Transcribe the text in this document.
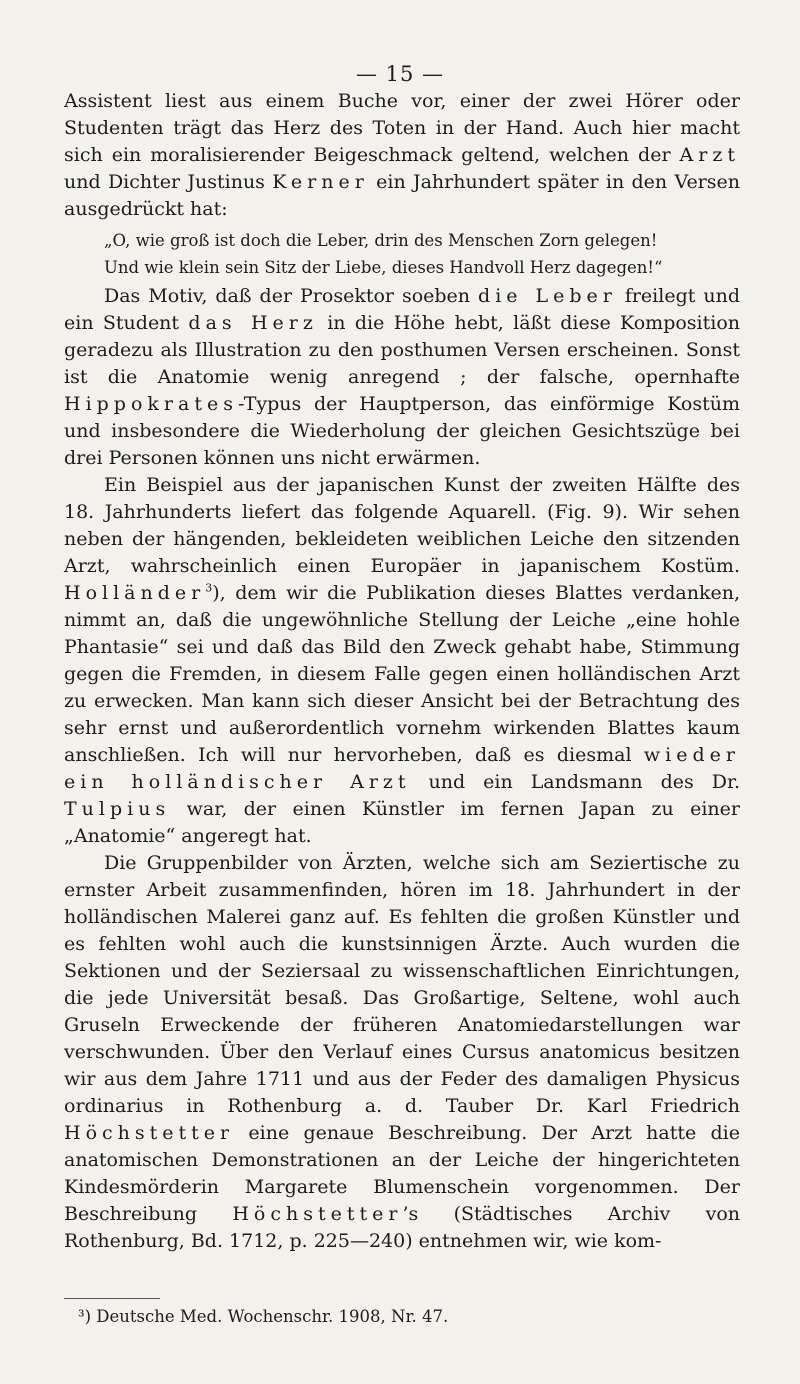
— 15 —

Assistent liest aus einem Buche vor, einer der zwei Hörer oder Studenten trägt das Herz des Toten in der Hand. Auch hier macht sich ein moralisierender Beigeschmack geltend, welchen der Arzt und Dichter Justinus Kerner ein Jahrhundert später in den Versen ausgedrückt hat:

„O, wie groß ist doch die Leber, drin des Menschen Zorn gelegen!

Und wie klein sein Sitz der Liebe, dieses Handvoll Herz dagegen!“

Das Motiv, daß der Prosektor soeben die Leber freilegt und ein Student das Herz in die Höhe hebt, läßt diese Komposition geradezu als Illustration zu den posthumen Versen erscheinen. Sonst ist die Anatomie wenig anregend ; der falsche, opernhafte Hippokrates-Typus der Hauptperson, das einförmige Kostüm und insbesondere die Wiederholung der gleichen Gesichtszüge bei drei Personen können uns nicht erwärmen.

Ein Beispiel aus der japanischen Kunst der zweiten Hälfte des 18. Jahrhunderts liefert das folgende Aquarell. (Fig. 9). Wir sehen neben der hängenden, bekleideten weiblichen Leiche den sitzenden Arzt, wahrscheinlich einen Europäer in japanischem Kostüm. Holländer$^3$), dem wir die Publikation dieses Blattes verdanken, nimmt an, daß die ungewöhnliche Stellung der Leiche „eine hohle Phantasie“ sei und daß das Bild den Zweck gehabt habe, Stimmung gegen die Fremden, in diesem Falle gegen einen holländischen Arzt zu erwecken. Man kann sich dieser Ansicht bei der Betrachtung des sehr ernst und außerordentlich vornehm wirkenden Blattes kaum anschließen. Ich will nur hervorheben, daß es diesmal wieder ein holländischer Arzt und ein Landsmann des Dr. Tulpius war, der einen Künstler im fernen Japan zu einer „Anatomie“ angeregt hat.

Die Gruppenbilder von Ärzten, welche sich am Seziertische zu ernster Arbeit zusammenfinden, hören im 18. Jahrhundert in der holländischen Malerei ganz auf. Es fehlten die großen Künstler und es fehlten wohl auch die kunstsinnigen Ärzte. Auch wurden die Sektionen und der Seziersaal zu wissenschaftlichen Einrichtungen, die jede Universität besaß. Das Großartige, Seltene, wohl auch Gruseln Erweckende der früheren Anatomiedarstellungen war verschwunden. Über den Verlauf eines Cursus anatomicus besitzen wir aus dem Jahre 1711 und aus der Feder des damaligen Physicus ordinarius in Rothenburg a. d. Tauber Dr. Karl Friedrich Höchstetter eine genaue Beschreibung. Der Arzt hatte die anatomischen Demonstrationen an der Leiche der hingerichteten Kindesmörderin Margarete Blumenschein vorgenommen. Der Beschreibung Höchstetter’s (Städtisches Archiv von Rothenburg, Bd. 1712, p. 225—240) entnehmen wir, wie kom-

³) Deutsche Med. Wochenschr. 1908, Nr. 47.
